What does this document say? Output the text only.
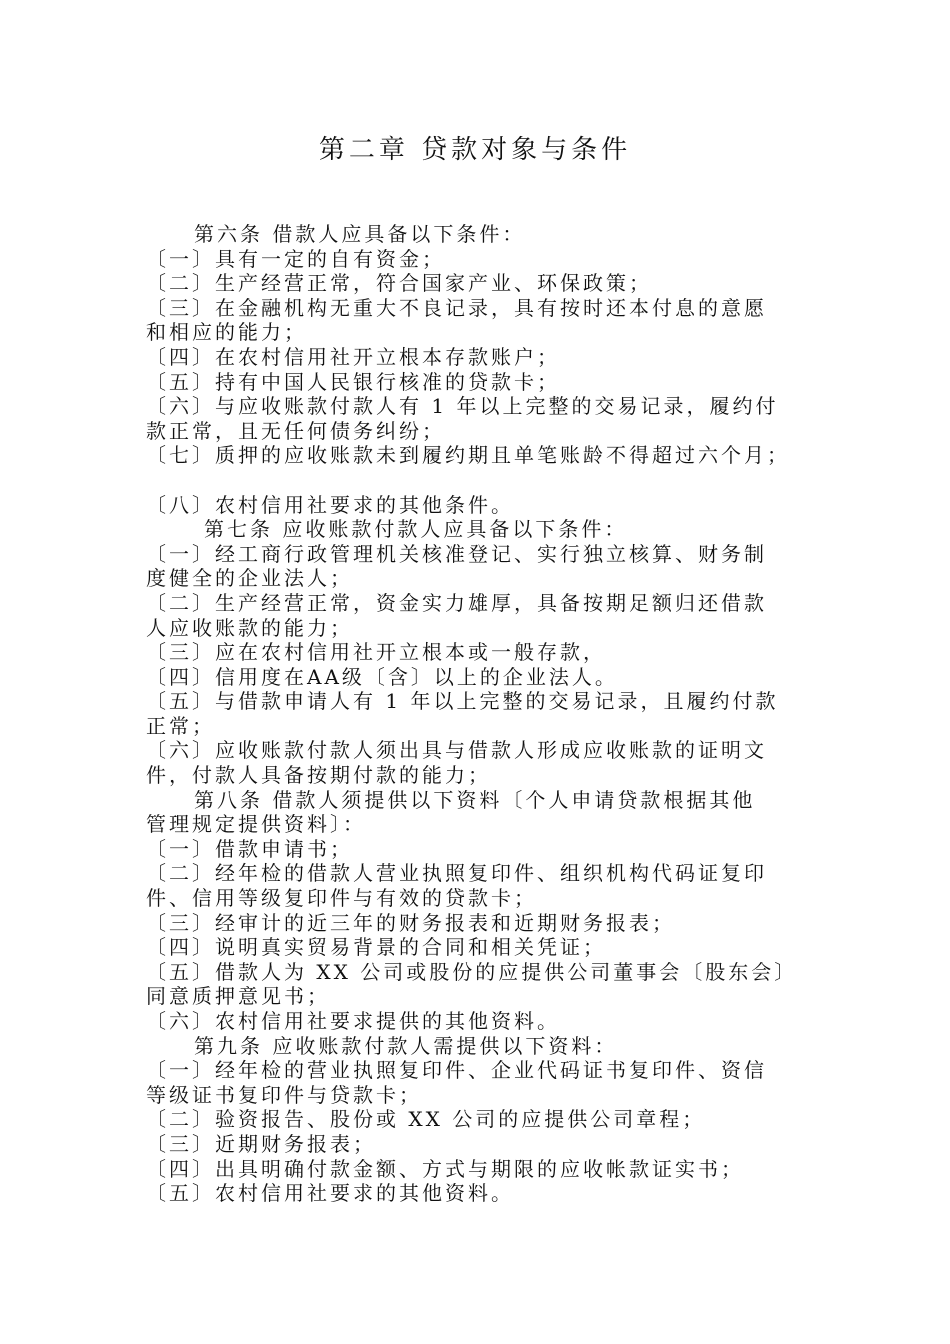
第二章 贷款对象与条件
第六条 借款人应具备以下条件：
〔一〕具有一定的自有资金；
〔二〕生产经营正常，符合国家产业、环保政策；
〔三〕在金融机构无重大不良记录，具有按时还本付息的意愿
和相应的能力；
〔四〕在农村信用社开立根本存款账户；
〔五〕持有中国人民银行核准的贷款卡；
〔六〕与应收账款付款人有 1 年以上完整的交易记录，履约付
款正常，且无任何债务纠纷；
〔七〕质押的应收账款未到履约期且单笔账龄不得超过六个月；
〔八〕农村信用社要求的其他条件。
第七条 应收账款付款人应具备以下条件：
〔一〕经工商行政管理机关核准登记、实行独立核算、财务制
度健全的企业法人；
〔二〕生产经营正常，资金实力雄厚，具备按期足额归还借款
人应收账款的能力；
〔三〕应在农村信用社开立根本或一般存款，
〔四〕信用度在AA级〔含〕以上的企业法人。
〔五〕与借款申请人有 1 年以上完整的交易记录，且履约付款
正常；
〔六〕应收账款付款人须出具与借款人形成应收账款的证明文
件，付款人具备按期付款的能力；
第八条 借款人须提供以下资料〔个人申请贷款根据其他
管理规定提供资料〕：
〔一〕借款申请书；
〔二〕经年检的借款人营业执照复印件、组织机构代码证复印
件、信用等级复印件与有效的贷款卡；
〔三〕经审计的近三年的财务报表和近期财务报表；
〔四〕说明真实贸易背景的合同和相关凭证；
〔五〕借款人为 XX 公司或股份的应提供公司董事会〔股东会〕
同意质押意见书；
〔六〕农村信用社要求提供的其他资料。
第九条 应收账款付款人需提供以下资料：
〔一〕经年检的营业执照复印件、企业代码证书复印件、资信
等级证书复印件与贷款卡；
〔二〕验资报告、股份或 XX 公司的应提供公司章程；
〔三〕近期财务报表；
〔四〕出具明确付款金额、方式与期限的应收帐款证实书；
〔五〕农村信用社要求的其他资料。
